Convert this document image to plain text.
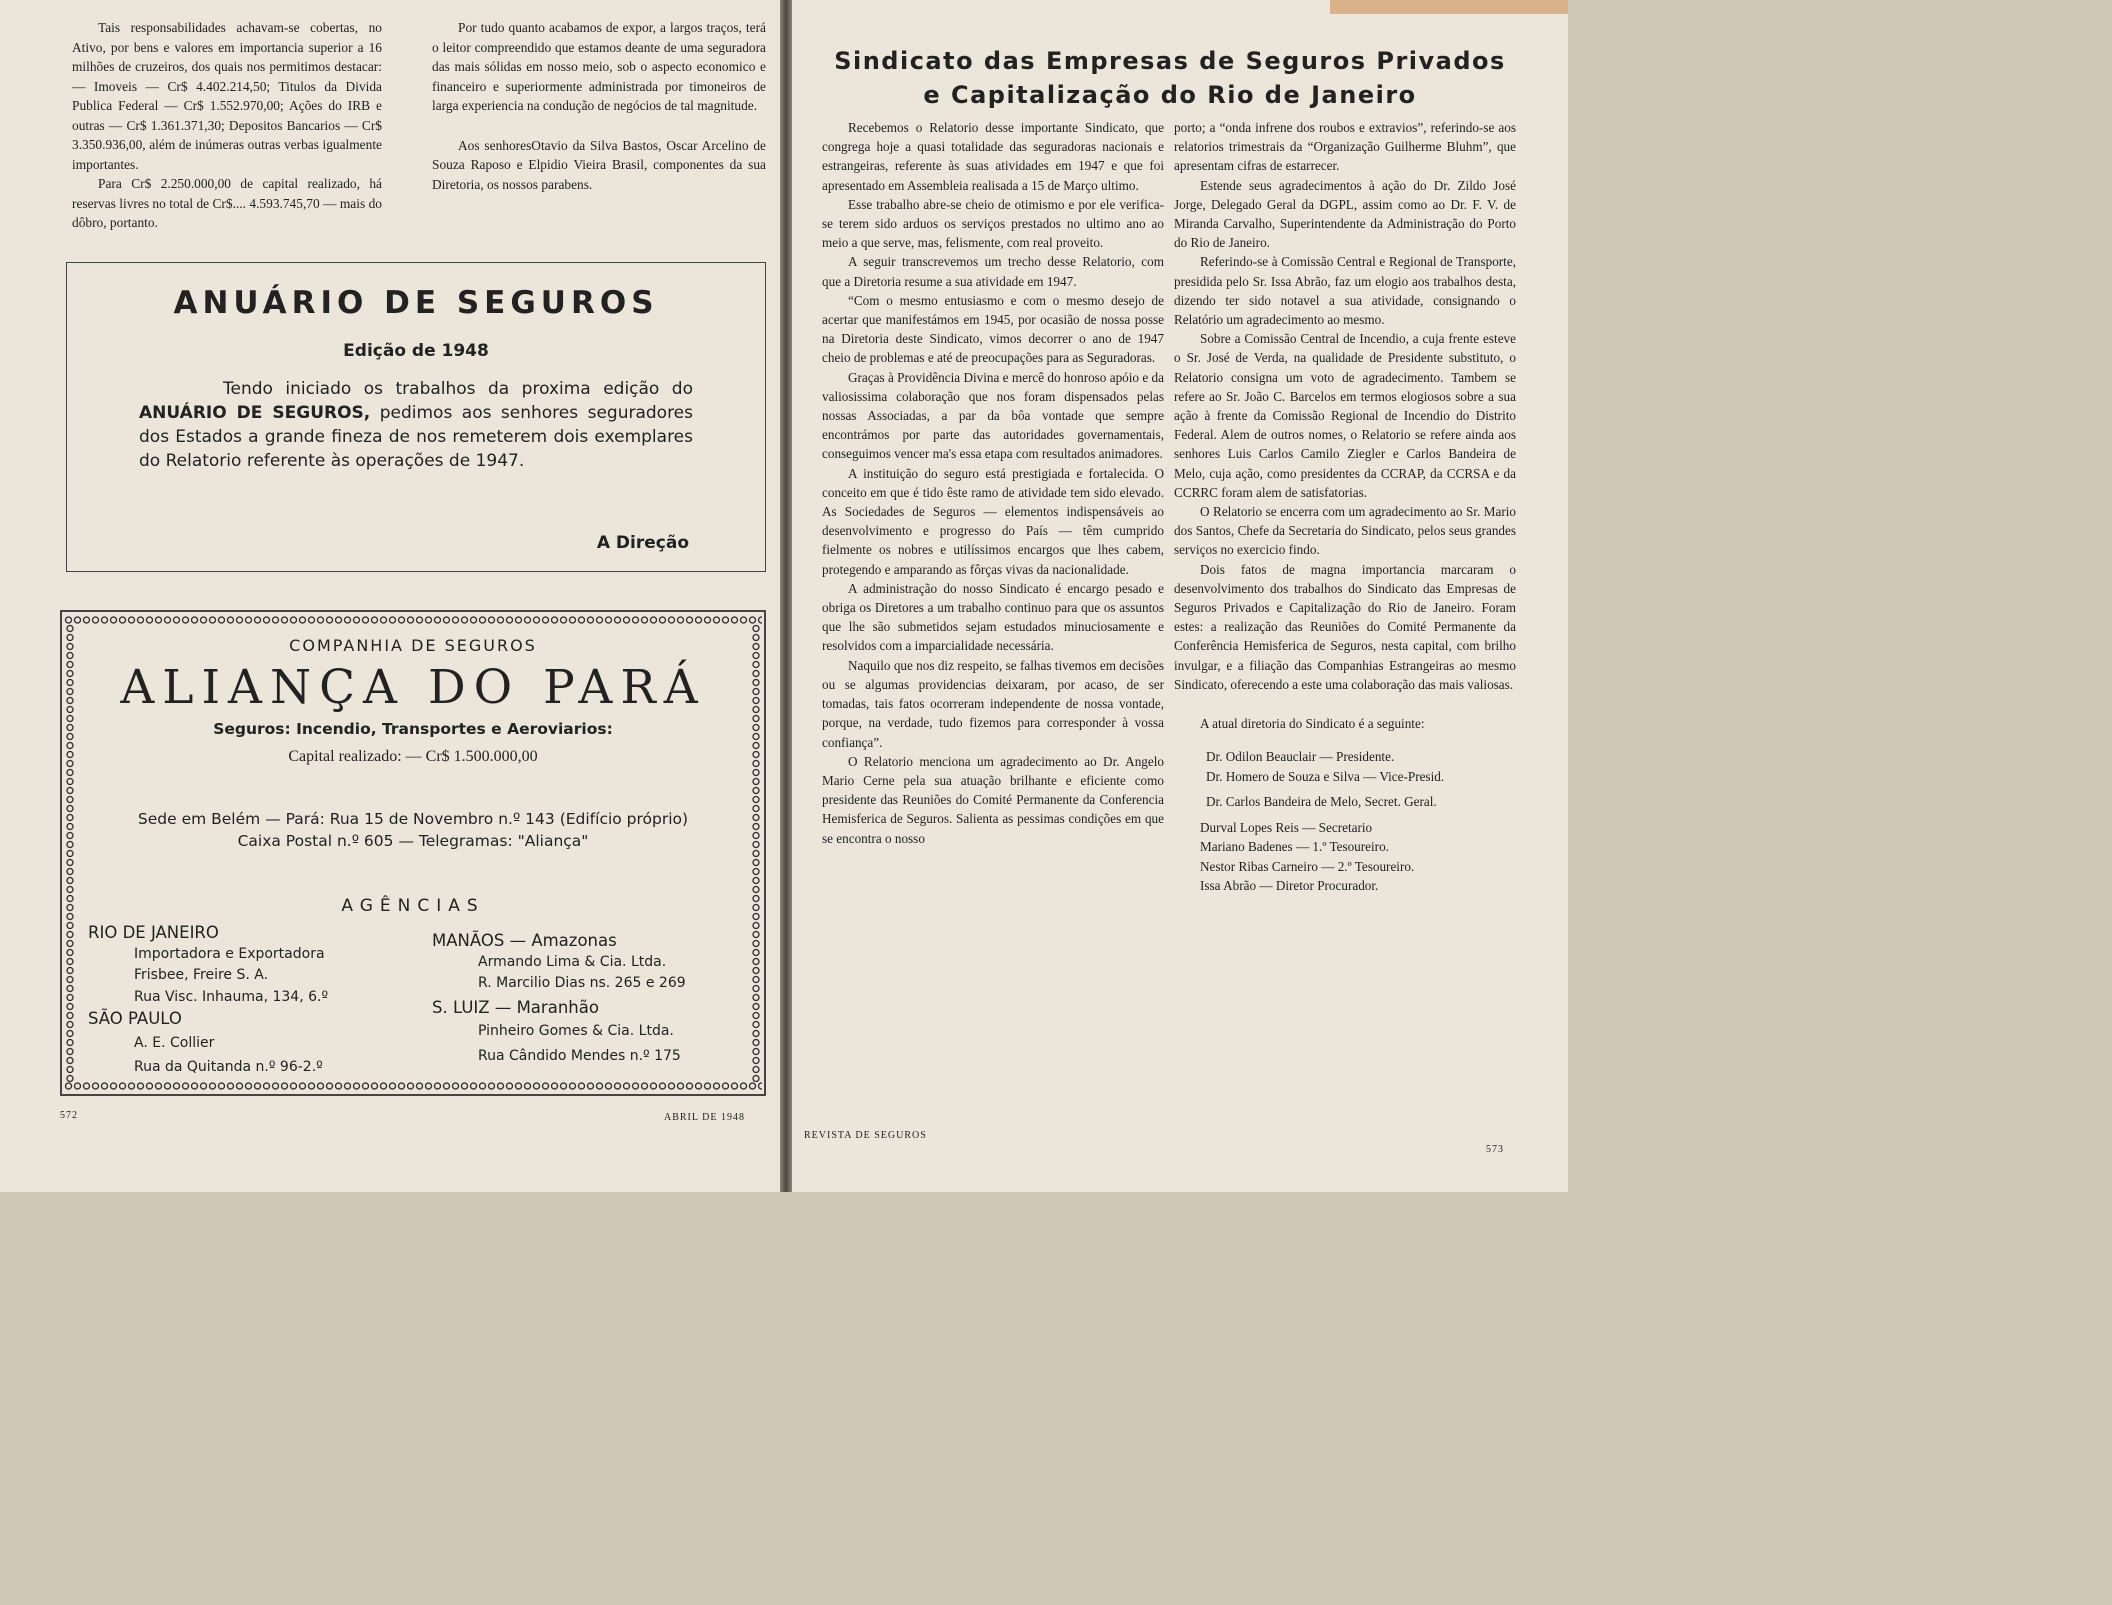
Tais responsabilidades achavam-se cobertas, no Ativo, por bens e valores em importancia superior a 16 milhões de cruzeiros, dos quais nos permitimos destacar: — Imoveis — Cr$ 4.402.214,50; Titulos da Divida Publica Federal — Cr$ 1.552.970,00; Ações do IRB e outras — Cr$ 1.361.371,30; Depositos Bancarios — Cr$ 3.350.936,00, além de inúmeras outras verbas igualmente importantes.

Para Cr$ 2.250.000,00 de capital realizado, há reservas livres no total de Cr$.... 4.593.745,70 — mais do dôbro, portanto.

Por tudo quanto acabamos de expor, a largos traços, terá o leitor compreendido que estamos deante de uma seguradora das mais sólidas em nosso meio, sob o aspecto economico e financeiro e superiormente administrada por timoneiros de larga experiencia na condução de negócios de tal magnitude.

Aos senhoresOtavio da Silva Bastos, Oscar Arcelino de Souza Raposo e Elpidio Vieira Brasil, componentes da sua Diretoria, os nossos parabens.

ANUÁRIO DE SEGUROS
Edição de 1948
Tendo iniciado os trabalhos da proxima edição do ANUÁRIO DE SEGUROS, pedimos aos senhores seguradores dos Estados a grande fineza de nos remeterem dois exemplares do Relatorio referente às operações de 1947.
A Direção
COMPANHIA DE SEGUROS
ALIANÇA DO PARÁ
Seguros: Incendio, Transportes e Aeroviarios:
Capital realizado: — Cr$ 1.500.000,00
Sede em Belém — Pará: Rua 15 de Novembro n.º 143 (Edifício próprio)
Caixa Postal n.º 605 — Telegramas: "Aliança"
AGÊNCIAS
RIO DE JANEIRO
Importadora e Exportadora
Frisbee, Freire S. A.
Rua Visc. Inhauma, 134, 6.º
SÃO PAULO
A. E. Collier
Rua da Quitanda n.º 96-2.º
MANÃOS — Amazonas
Armando Lima & Cia. Ltda.
R. Marcilio Dias ns. 265 e 269
S. LUIZ — Maranhão
Pinheiro Gomes & Cia. Ltda.
Rua Cândido Mendes n.º 175
572	ABRIL DE 1948
Sindicato das Empresas de Seguros Privados
e Capitalização do Rio de Janeiro

Recebemos o Relatorio desse importante Sindicato, que congrega hoje a quasi totalidade das seguradoras nacionais e estrangeiras, referente às suas atividades em 1947 e que foi apresentado em Assembleia realisada a 15 de Março ultimo.

Esse trabalho abre-se cheio de otimismo e por ele verifica-se terem sido arduos os serviços prestados no ultimo ano ao meio a que serve, mas, felismente, com real proveito.

A seguir transcrevemos um trecho desse Relatorio, com que a Diretoria resume a sua atividade em 1947.

“Com o mesmo entusiasmo e com o mesmo desejo de acertar que manifestámos em 1945, por ocasião de nossa posse na Diretoria deste Sindicato, vimos decorrer o ano de 1947 cheio de problemas e até de preocupações para as Seguradoras.

Graças à Providência Divina e mercê do honroso apóio e da valiosissima colaboração que nos foram dispensados pelas nossas Associadas, a par da bôa vontade que sempre encontrámos por parte das autoridades governamentais, conseguimos vencer ma's essa etapa com resultados animadores.

A instituição do seguro está prestigiada e fortalecida. O conceito em que é tido êste ramo de atividade tem sido elevado. As Sociedades de Seguros — elementos indispensáveis ao desenvolvimento e progresso do País — têm cumprido fielmente os nobres e utilíssimos encargos que lhes cabem, protegendo e amparando as fôrças vivas da nacionalidade.

A administração do nosso Sindicato é encargo pesado e obriga os Diretores a um trabalho continuo para que os assuntos que lhe são submetidos sejam estudados minuciosamente e resolvidos com a imparcialidade necessária.

Naquilo que nos diz respeito, se falhas tivemos em decisões ou se algumas providencias deixaram, por acaso, de ser tomadas, tais fatos ocorreram independente de nossa vontade, porque, na verdade, tudo fizemos para corresponder à vossa confiança”.

O Relatorio menciona um agradecimento ao Dr. Angelo Mario Cerne pela sua atuação brilhante e eficiente como presidente das Reuniões do Comité Permanente da Conferencia Hemisferica de Seguros. Salienta as pessimas condições em que se encontra o nosso

porto; a “onda infrene dos roubos e extravios”, referindo-se aos relatorios trimestrais da “Organização Guilherme Bluhm”, que apresentam cifras de estarrecer.

Estende seus agradecimentos à ação do Dr. Zildo José Jorge, Delegado Geral da DGPL, assim como ao Dr. F. V. de Miranda Carvalho, Superintendente da Administração do Porto do Rio de Janeiro.

Referindo-se à Comissão Central e Regional de Transporte, presidida pelo Sr. Issa Abrão, faz um elogio aos trabalhos desta, dizendo ter sido notavel a sua atividade, consignando o Relatório um agradecimento ao mesmo.

Sobre a Comissão Central de Incendio, a cuja frente esteve o Sr. José de Verda, na qualidade de Presidente substituto, o Relatorio consigna um voto de agradecimento. Tambem se refere ao Sr. João C. Barcelos em termos elogiosos sobre a sua ação à frente da Comissão Regional de Incendio do Distrito Federal. Alem de outros nomes, o Relatorio se refere ainda aos senhores Luis Carlos Camilo Ziegler e Carlos Bandeira de Melo, cuja ação, como presidentes da CCRAP, da CCRSA e da CCRRC foram alem de satisfatorias.

O Relatorio se encerra com um agradecimento ao Sr. Mario dos Santos, Chefe da Secretaria do Sindicato, pelos seus grandes serviços no exercicio findo.

Dois fatos de magna importancia marcaram o desenvolvimento dos trabalhos do Sindicato das Empresas de Seguros Privados e Capitalização do Rio de Janeiro. Foram estes: a realização das Reuniões do Comité Permanente da Conferência Hemisferica de Seguros, nesta capital, com brilho invulgar, e a filiação das Companhias Estrangeiras ao mesmo Sindicato, oferecendo a este uma colaboração das mais valiosas.

A atual diretoria do Sindicato é a seguinte:

Dr. Odilon Beauclair — Presidente.
Dr. Homero de Souza e Silva — Vice-Presid.
Dr. Carlos Bandeira de Melo, Secret. Geral.
Durval Lopes Reis — Secretario
Mariano Badenes — 1.º Tesoureiro.
Nestor Ribas Carneiro — 2.º Tesoureiro.
Issa Abrão — Diretor Procurador.
REVISTA DE SEGUROS
573
